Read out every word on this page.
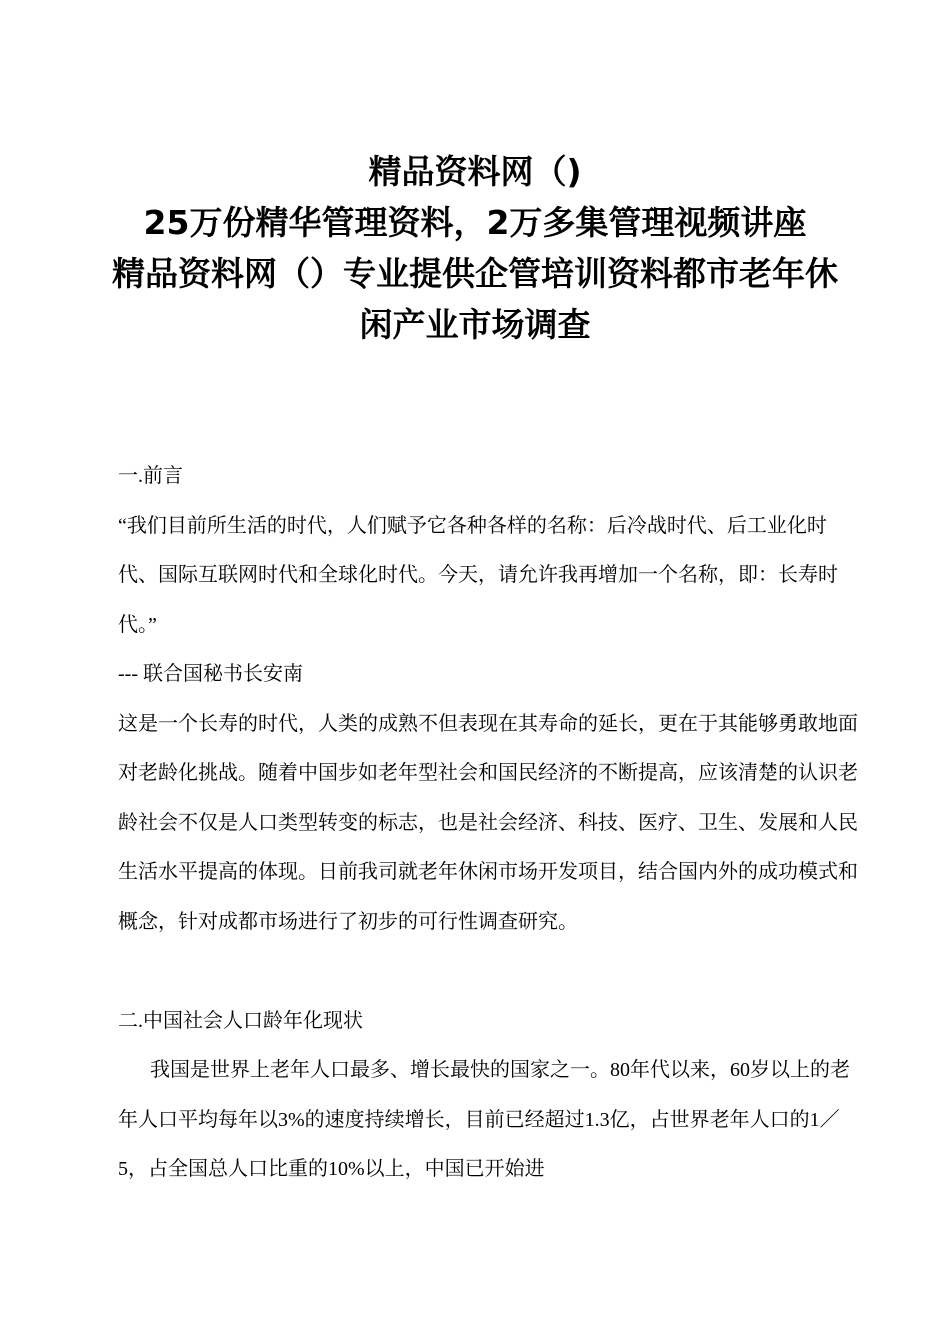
精品资料网（)
25万份精华管理资料，2万多集管理视频讲座
精品资料网（）专业提供企管培训资料都市老年休闲产业市场调查

一.前言

“我们目前所生活的时代，人们赋予它各种各样的名称：后冷战时代、后工业化时代、国际互联网时代和全球化时代。今天，请允许我再增加一个名称，即：长寿时代。”

--- 联合国秘书长安南

这是一个长寿的时代，人类的成熟不但表现在其寿命的延长，更在于其能够勇敢地面对老龄化挑战。随着中国步如老年型社会和国民经济的不断提高，应该清楚的认识老龄社会不仅是人口类型转变的标志，也是社会经济、科技、医疗、卫生、发展和人民生活水平提高的体现。日前我司就老年休闲市场开发项目，结合国内外的成功模式和概念，针对成都市场进行了初步的可行性调查研究。

二.中国社会人口龄年化现状

我国是世界上老年人口最多、增长最快的国家之一。80年代以来，60岁以上的老年人口平均每年以3%的速度持续增长，目前已经超过1.3亿，占世界老年人口的1／5，占全国总人口比重的10%以上，中国已开始进
